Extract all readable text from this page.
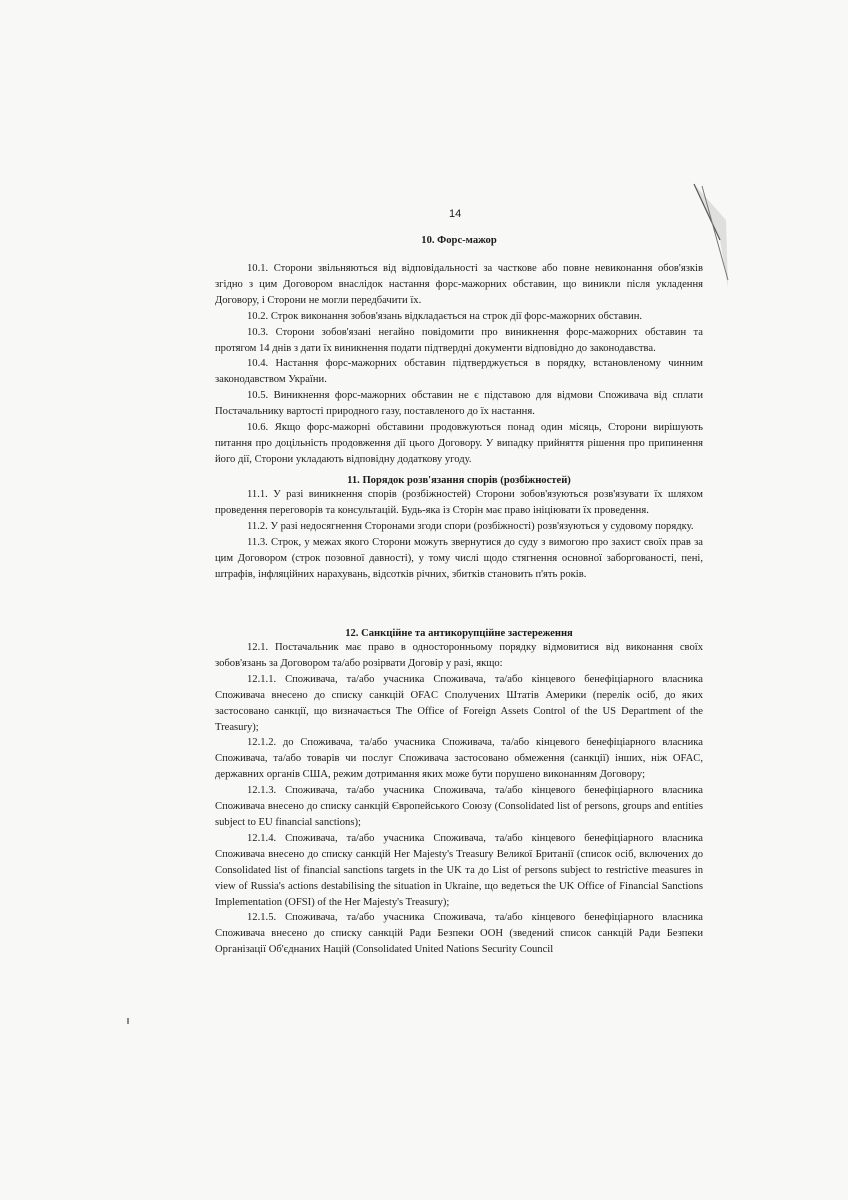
14
10. Форс-мажор

10.1. Сторони звільняються від відповідальності за часткове або повне невиконання обов'язків згідно з цим Договором внаслідок настання форс-мажорних обставин, що виникли після укладення Договору, і Сторони не могли передбачити їх.

10.2. Строк виконання зобов'язань відкладається на строк дії форс-мажорних обставин.

10.3. Сторони зобов'язані негайно повідомити про виникнення форс-мажорних обставин та протягом 14 днів з дати їх виникнення подати підтвердні документи відповідно до законодавства.

10.4. Настання форс-мажорних обставин підтверджується в порядку, встановленому чинним законодавством України.

10.5. Виникнення форс-мажорних обставин не є підставою для відмови Споживача від сплати Постачальнику вартості природного газу, поставленого до їх настання.

10.6. Якщо форс-мажорні обставини продовжуються понад один місяць, Сторони вирішують питання про доцільність продовження дії цього Договору. У випадку прийняття рішення про припинення його дії, Сторони укладають відповідну додаткову угоду.

11. Порядок розв'язання спорів (розбіжностей)

11.1. У разі виникнення спорів (розбіжностей) Сторони зобов'язуються розв'язувати їх шляхом проведення переговорів та консультацій. Будь-яка із Сторін має право ініціювати їх проведення.

11.2. У разі недосягнення Сторонами згоди спори (розбіжності) розв'язуються у судовому порядку.

11.3. Строк, у межах якого Сторони можуть звернутися до суду з вимогою про захист своїх прав за цим Договором (строк позовної давності), у тому числі щодо стягнення основної заборгованості, пені, штрафів, інфляційних нарахувань, відсотків річних, збитків становить п'ять років.

12. Санкційне та антикорупційне застереження

12.1. Постачальник має право в односторонньому порядку відмовитися від виконання своїх зобов'язань за Договором та/або розірвати Договір у разі, якщо:

12.1.1. Споживача, та/або учасника Споживача, та/або кінцевого бенефіціарного власника Споживача внесено до списку санкцій OFAC Сполучених Штатів Америки (перелік осіб, до яких застосовано санкції, що визначається The Office of Foreign Assets Control of the US Department of the Treasury);

12.1.2. до Споживача, та/або учасника Споживача, та/або кінцевого бенефіціарного власника Споживача, та/або товарів чи послуг Споживача застосовано обмеження (санкції) інших, ніж OFAC, державних органів США, режим дотримання яких може бути порушено виконанням Договору;

12.1.3. Споживача, та/або учасника Споживача, та/або кінцевого бенефіціарного власника Споживача внесено до списку санкцій Європейського Союзу (Consolidated list of persons, groups and entities subject to EU financial sanctions);

12.1.4. Споживача, та/або учасника Споживача, та/або кінцевого бенефіціарного власника Споживача внесено до списку санкцій Her Majesty's Treasury Великої Британії (список осіб, включених до Consolidated list of financial sanctions targets in the UK та до List of persons subject to restrictive measures in view of Russia's actions destabilising the situation in Ukraine, що ведеться the UK Office of Financial Sanctions Implementation (OFSI) of the Her Majesty's Treasury);

12.1.5. Споживача, та/або учасника Споживача, та/або кінцевого бенефіціарного власника Споживача внесено до списку санкцій Ради Безпеки ООН (зведений список санкцій Ради Безпеки Організації Об'єднаних Націй (Consolidated United Nations Security Council
